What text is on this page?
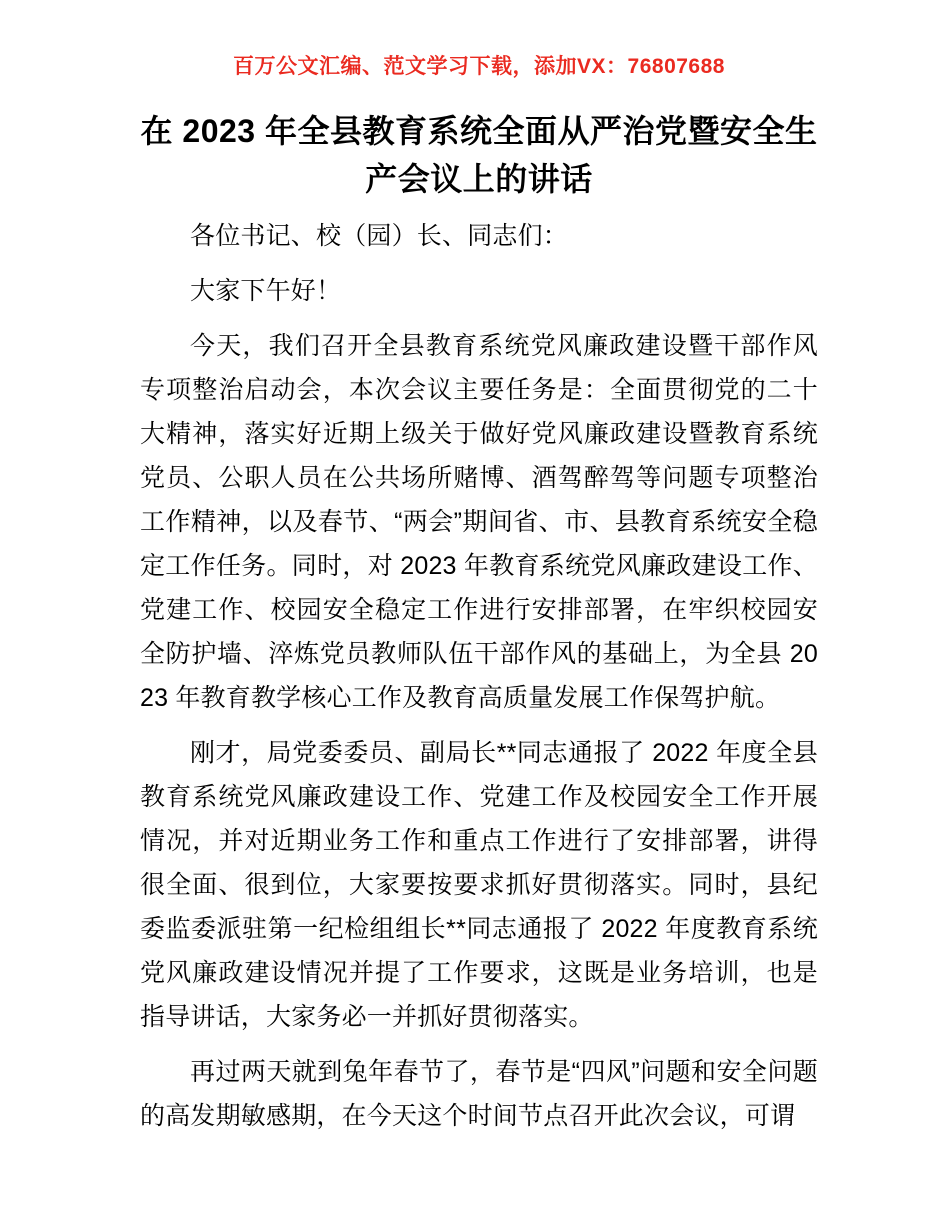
百万公文汇编、范文学习下载，添加VX：76807688
在 2023 年全县教育系统全面从严治党暨安全生产会议上的讲话

各位书记、校（园）长、同志们：

大家下午好！

今天，我们召开全县教育系统党风廉政建设暨干部作风专项整治启动会，本次会议主要任务是：全面贯彻党的二十大精神，落实好近期上级关于做好党风廉政建设暨教育系统党员、公职人员在公共场所赌博、酒驾醉驾等问题专项整治工作精神，以及春节、“两会”期间省、市、县教育系统安全稳定工作任务。同时，对 2023 年教育系统党风廉政建设工作、党建工作、校园安全稳定工作进行安排部署，在牢织校园安全防护墙、淬炼党员教师队伍干部作风的基础上，为全县 2023 年教育教学核心工作及教育高质量发展工作保驾护航。

刚才，局党委委员、副局长**同志通报了 2022 年度全县教育系统党风廉政建设工作、党建工作及校园安全工作开展情况，并对近期业务工作和重点工作进行了安排部署，讲得很全面、很到位，大家要按要求抓好贯彻落实。同时，县纪委监委派驻第一纪检组组长**同志通报了 2022 年度教育系统党风廉政建设情况并提了工作要求，这既是业务培训，也是指导讲话，大家务必一并抓好贯彻落实。

再过两天就到兔年春节了，春节是“四风”问题和安全问题的高发期敏感期，在今天这个时间节点召开此次会议，可谓
